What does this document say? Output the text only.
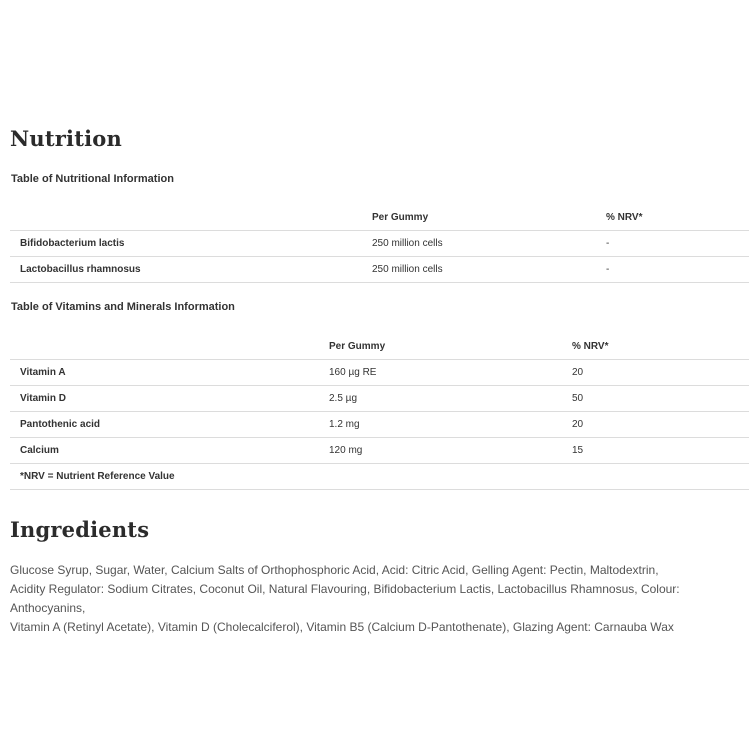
Nutrition
Table of Nutritional Information
	Per Gummy	% NRV*
Bifidobacterium lactis	250 million cells	-
Lactobacillus rhamnosus	250 million cells	-
Table of Vitamins and Minerals Information
	Per Gummy	% NRV*
Vitamin A	160 µg RE	20
Vitamin D	2.5 µg	50
Pantothenic acid	1.2 mg	20
Calcium	120 mg	15
*NRV = Nutrient Reference Value		
Ingredients
Glucose Syrup, Sugar, Water, Calcium Salts of Orthophosphoric Acid, Acid: Citric Acid, Gelling Agent: Pectin, Maltodextrin,
Acidity Regulator: Sodium Citrates, Coconut Oil, Natural Flavouring, Bifidobacterium Lactis, Lactobacillus Rhamnosus, Colour: Anthocyanins,
Vitamin A (Retinyl Acetate), Vitamin D (Cholecalciferol), Vitamin B5 (Calcium D-Pantothenate), Glazing Agent: Carnauba Wax
